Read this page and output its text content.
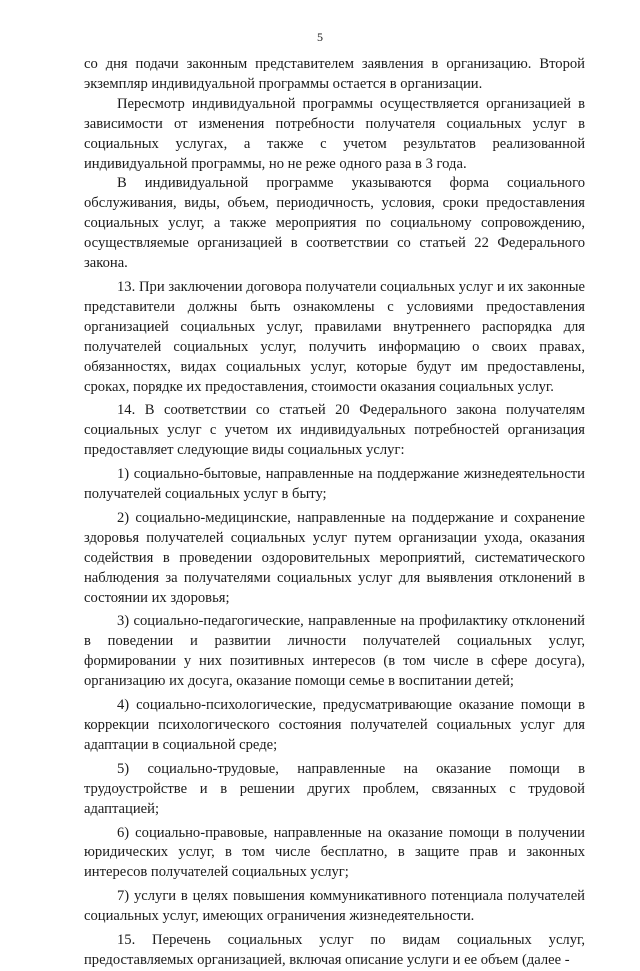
5

со дня подачи законным представителем заявления в организацию. Второй экземпляр индивидуальной программы остается в организации.

Пересмотр индивидуальной программы осуществляется организацией в зависимости от изменения потребности получателя социальных услуг в социальных услугах, а также с учетом результатов реализованной индивидуальной программы, но не реже одного раза в 3 года.

В индивидуальной программе указываются форма социального обслуживания, виды, объем, периодичность, условия, сроки предоставления социальных услуг, а также мероприятия по социальному сопровождению, осуществляемые организацией в соответствии со статьей 22 Федерального закона.

13. При заключении договора получатели социальных услуг и их законные представители должны быть ознакомлены с условиями предоставления организацией социальных услуг, правилами внутреннего распорядка для получателей социальных услуг, получить информацию о своих правах, обязанностях, видах социальных услуг, которые будут им предоставлены, сроках, порядке их предоставления, стоимости оказания социальных услуг.

14. В соответствии со статьей 20 Федерального закона получателям социальных услуг с учетом их индивидуальных потребностей организация предоставляет следующие виды социальных услуг:

1) социально-бытовые, направленные на поддержание жизнедеятельности получателей социальных услуг в быту;

2) социально-медицинские, направленные на поддержание и сохранение здоровья получателей социальных услуг путем организации ухода, оказания содействия в проведении оздоровительных мероприятий, систематического наблюдения за получателями социальных услуг для выявления отклонений в состоянии их здоровья;

3) социально-педагогические, направленные на профилактику отклонений в поведении и развитии личности получателей социальных услуг, формировании у них позитивных интересов (в том числе в сфере досуга), организацию их досуга, оказание помощи семье в воспитании детей;

4) социально-психологические, предусматривающие оказание помощи в коррекции психологического состояния получателей социальных услуг для адаптации в социальной среде;

5) социально-трудовые, направленные на оказание помощи в трудоустройстве и в решении других проблем, связанных с трудовой адаптацией;

6) социально-правовые, направленные на оказание помощи в получении юридических услуг, в том числе бесплатно, в защите прав и законных интересов получателей социальных услуг;

7) услуги в целях повышения коммуникативного потенциала получателей социальных услуг, имеющих ограничения жизнедеятельности.

15. Перечень социальных услуг по видам социальных услуг, предоставляемых организацией, включая описание услуги и ее объем (далее -
